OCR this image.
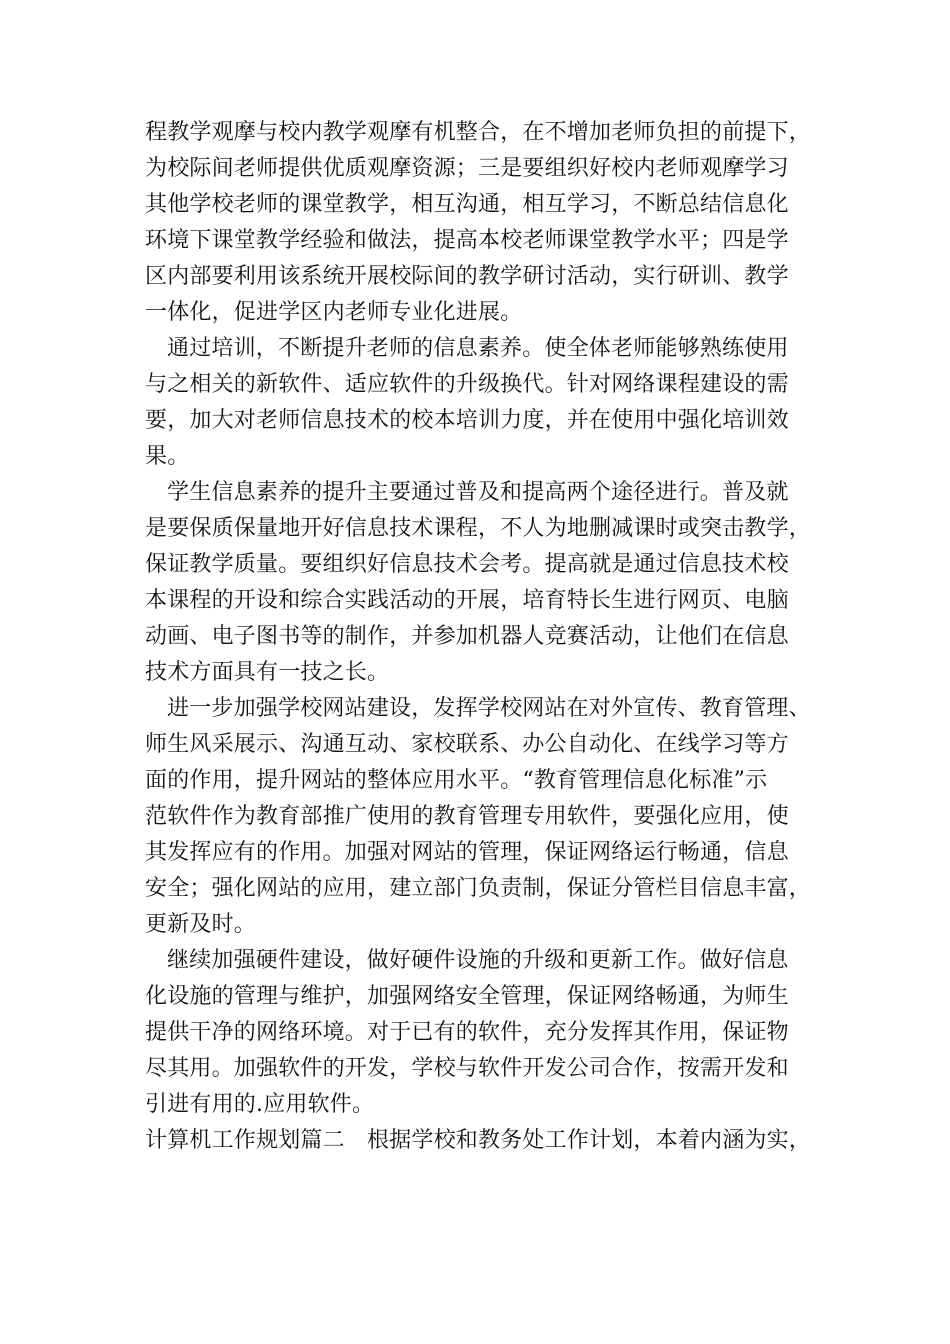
程教学观摩与校内教学观摩有机整合，在不增加老师负担的前提下，
为校际间老师提供优质观摩资源；三是要组织好校内老师观摩学习
其他学校老师的课堂教学，相互沟通，相互学习，不断总结信息化
环境下课堂教学经验和做法，提高本校老师课堂教学水平；四是学
区内部要利用该系统开展校际间的教学研讨活动，实行研训、教学
一体化，促进学区内老师专业化进展。
通过培训，不断提升老师的信息素养。使全体老师能够熟练使用
与之相关的新软件、适应软件的升级换代。针对网络课程建设的需
要，加大对老师信息技术的校本培训力度，并在使用中强化培训效
果。
学生信息素养的提升主要通过普及和提高两个途径进行。普及就
是要保质保量地开好信息技术课程，不人为地删减课时或突击教学，
保证教学质量。要组织好信息技术会考。提高就是通过信息技术校
本课程的开设和综合实践活动的开展，培育特长生进行网页、电脑
动画、电子图书等的制作，并参加机器人竞赛活动，让他们在信息
技术方面具有一技之长。
进一步加强学校网站建设，发挥学校网站在对外宣传、教育管理、
师生风采展示、沟通互动、家校联系、办公自动化、在线学习等方
面的作用，提升网站的整体应用水平。“教育管理信息化标准”示
范软件作为教育部推广使用的教育管理专用软件，要强化应用，使
其发挥应有的作用。加强对网站的管理，保证网络运行畅通，信息
安全；强化网站的应用，建立部门负责制，保证分管栏目信息丰富，
更新及时。
继续加强硬件建设，做好硬件设施的升级和更新工作。做好信息
化设施的管理与维护，加强网络安全管理，保证网络畅通，为师生
提供干净的网络环境。对于已有的软件，充分发挥其作用，保证物
尽其用。加强软件的开发，学校与软件开发公司合作，按需开发和
引进有用的.应用软件。
计算机工作规划篇二　根据学校和教务处工作计划，本着内涵为实，
